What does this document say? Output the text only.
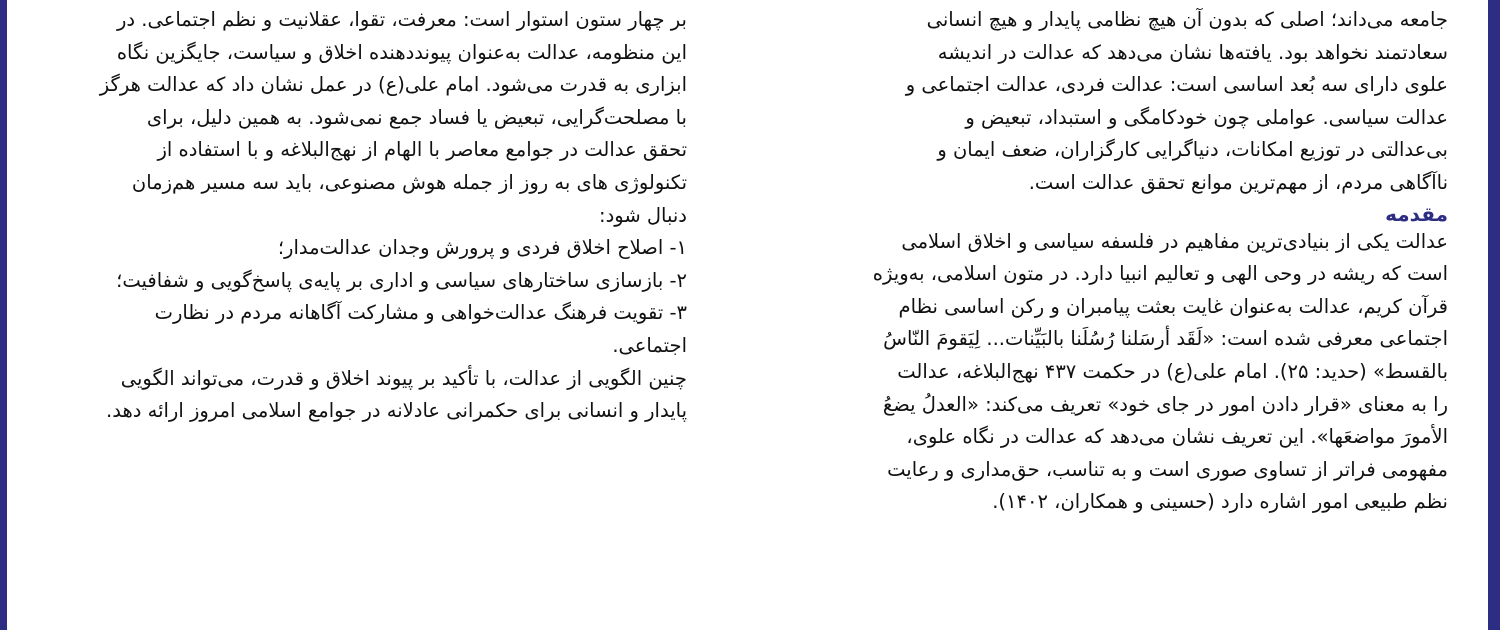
جامعه می‌داند؛ اصلی که بدون آن هیچ نظامی پایدار و هیچ انسانی
سعادتمند نخواهد بود. یافته‌ها نشان می‌دهد که عدالت در اندیشه
علوی دارای سه بُعد اساسی است: عدالت فردی، عدالت اجتماعی و
عدالت سیاسی. عواملی چون خودکامگی و استبداد، تبعیض و
بی‌عدالتی در توزیع امکانات، دنیاگرایی کارگزاران، ضعف ایمان و
ناآگاهی مردم، از مهم‌ترین موانع تحقق عدالت است.
مقدمه
عدالت یکی از بنیادی‌ترین مفاهیم در فلسفه سیاسی و اخلاق اسلامی
است که ریشه در وحی الهی و تعالیم انبیا دارد. در متون اسلامی، به‌ویژه
قرآن کریم، عدالت به‌عنوان غایت بعثت پیامبران و رکن اساسی نظام
اجتماعی معرفی شده است: «لَقَد أرسَلنا رُسُلَنا بالبَیِّنات... لِیَقومَ النّاسُ
بالقسط» (حدید: ۲۵). امام علی(ع) در حکمت ۴۳۷ نهج‌البلاغه، عدالت
را به معنای «قرار دادن امور در جای خود» تعریف می‌کند: «العدلُ یضعُ
الأمورَ مواضعَها». این تعریف نشان می‌دهد که عدالت در نگاه علوی،
مفهومی فراتر از تساوی صوری است و به تناسب، حق‌مداری و رعایت
نظم طبیعی امور اشاره دارد (حسینی و همکاران، ۱۴۰۲).
بر چهار ستون استوار است: معرفت، تقوا، عقلانیت و نظم اجتماعی. در
این منظومه، عدالت به‌عنوان پیونددهنده اخلاق و سیاست، جایگزین نگاه
ابزاری به قدرت می‌شود. امام علی(ع) در عمل نشان داد که عدالت هرگز
با مصلحت‌گرایی، تبعیض یا فساد جمع نمی‌شود. به همین دلیل، برای
تحقق عدالت در جوامع معاصر با الهام از نهج‌البلاغه و با استفاده از
تکنولوژی های به روز از جمله هوش مصنوعی، باید سه مسیر هم‌زمان
دنبال شود:
۱- اصلاح اخلاق فردی و پرورش وجدان عدالت‌مدار؛
۲- بازسازی ساختارهای سیاسی و اداری بر پایه‌ی پاسخ‌گویی و شفافیت؛
۳- تقویت فرهنگ عدالت‌خواهی و مشارکت آگاهانه مردم در نظارت
اجتماعی.
چنین الگویی از عدالت، با تأکید بر پیوند اخلاق و قدرت، می‌تواند الگویی
پایدار و انسانی برای حکمرانی عادلانه در جوامع اسلامی امروز ارائه دهد.
